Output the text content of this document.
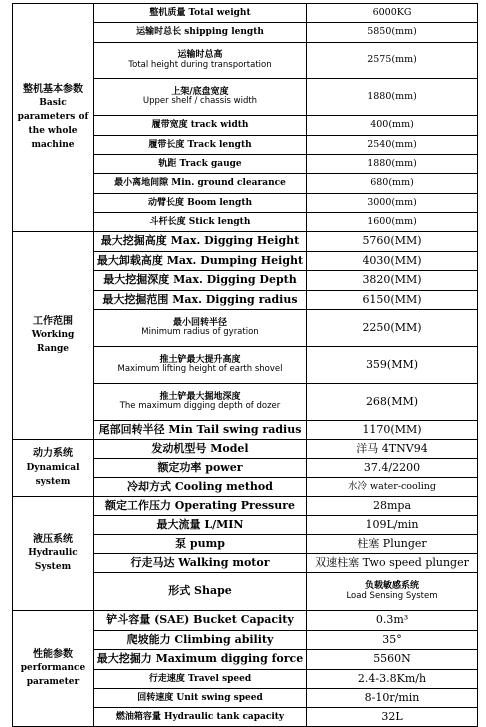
整机基本参数
Basic
parameters of
the whole
machine	整机质量 Total weight	6000KG
	运输时总长 shipping length	5850(mm)

	运输时总高
Total height during transportation	2575(mm)

	上架/底盘宽度
Upper shelf / chassis width	1880(mm)
	履带宽度 track width	400(mm)
	履带长度 Track length	2540(mm)
	轨距 Track gauge	1880(mm)
	最小离地间隙 Min. ground clearance	680(mm)
	动臂长度 Boom length	3000(mm)
	斗杆长度 Stick length	1600(mm)

工作范围
Working Range	最大挖掘高度 Max. Digging Height	5760(MM)
	最大卸载高度 Max. Dumping Height	4030(MM)
	最大挖掘深度 Max. Digging Depth	3820(MM)
	最大挖掘范围 Max. Digging radius	6150(MM)

	最小回转半径
Minimum radius of gyration	2250(MM)

	推土铲最大提升高度
Maximum lifting height of earth shovel	359(MM)

	推土铲最大掘地深度
The maximum digging depth of dozer	268(MM)
	尾部回转半径 Min Tail swing radius	1170(MM)

动力系统
Dynamical
system	发动机型号 Model	洋马 4TNV94
	额定功率 power	37.4/2200
	冷却方式 Cooling method	水冷 water-cooling

液压系统
Hydraulic
System	额定工作压力 Operating Pressure	28mpa
	最大流量 L/MIN	109L/min
	泵 pump	柱塞 Plunger
	行走马达 Walking motor	双速柱塞 Two speed plunger
	形式 Shape	负载敏感系统
Load Sensing System

性能参数
performance
parameter	铲斗容量 (SAE) Bucket Capacity	0.3m³
	爬坡能力 Climbing ability	35°
	最大挖掘力 Maximum digging force	5560N
	行走速度 Travel speed	2.4-3.8Km/h
	回转速度 Unit swing speed	8-10r/min
	燃油箱容量 Hydraulic tank capacity	32L
